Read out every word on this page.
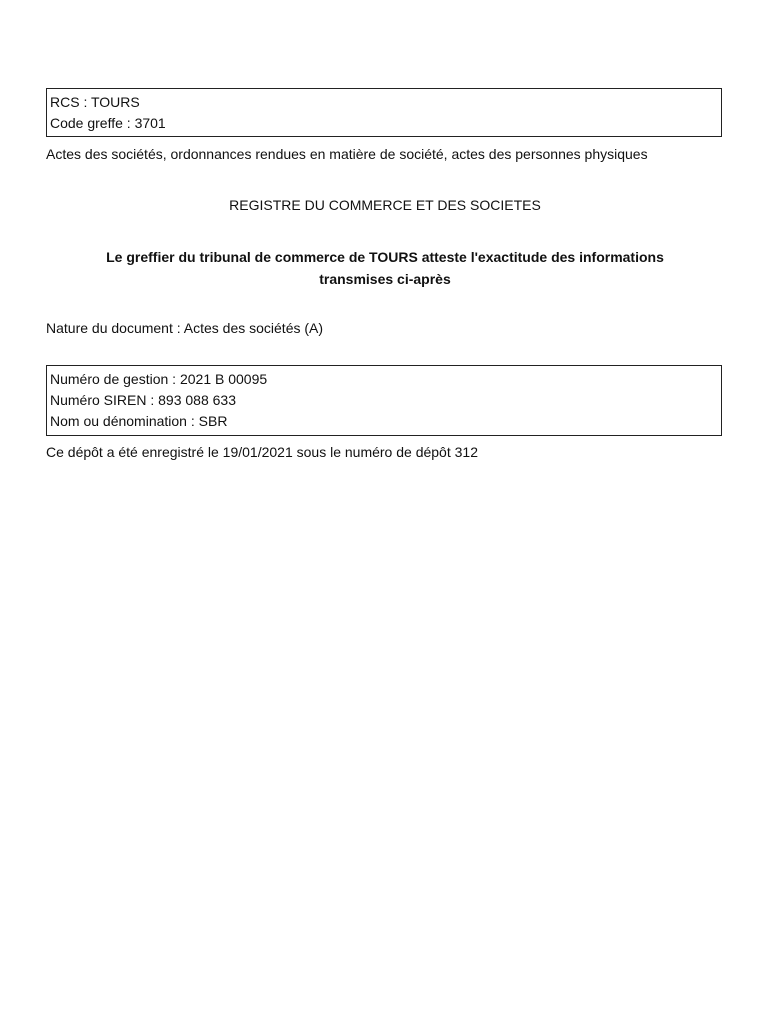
RCS : TOURS
Code greffe : 3701
Actes des sociétés, ordonnances rendues en matière de société, actes des personnes physiques
REGISTRE DU COMMERCE ET DES SOCIETES
Le greffier du tribunal de commerce de TOURS atteste l'exactitude des informations
transmises ci-après
Nature du document : Actes des sociétés (A)
Numéro de gestion : 2021 B 00095
Numéro SIREN : 893 088 633
Nom ou dénomination : SBR
Ce dépôt a été enregistré le 19/01/2021 sous le numéro de dépôt 312
